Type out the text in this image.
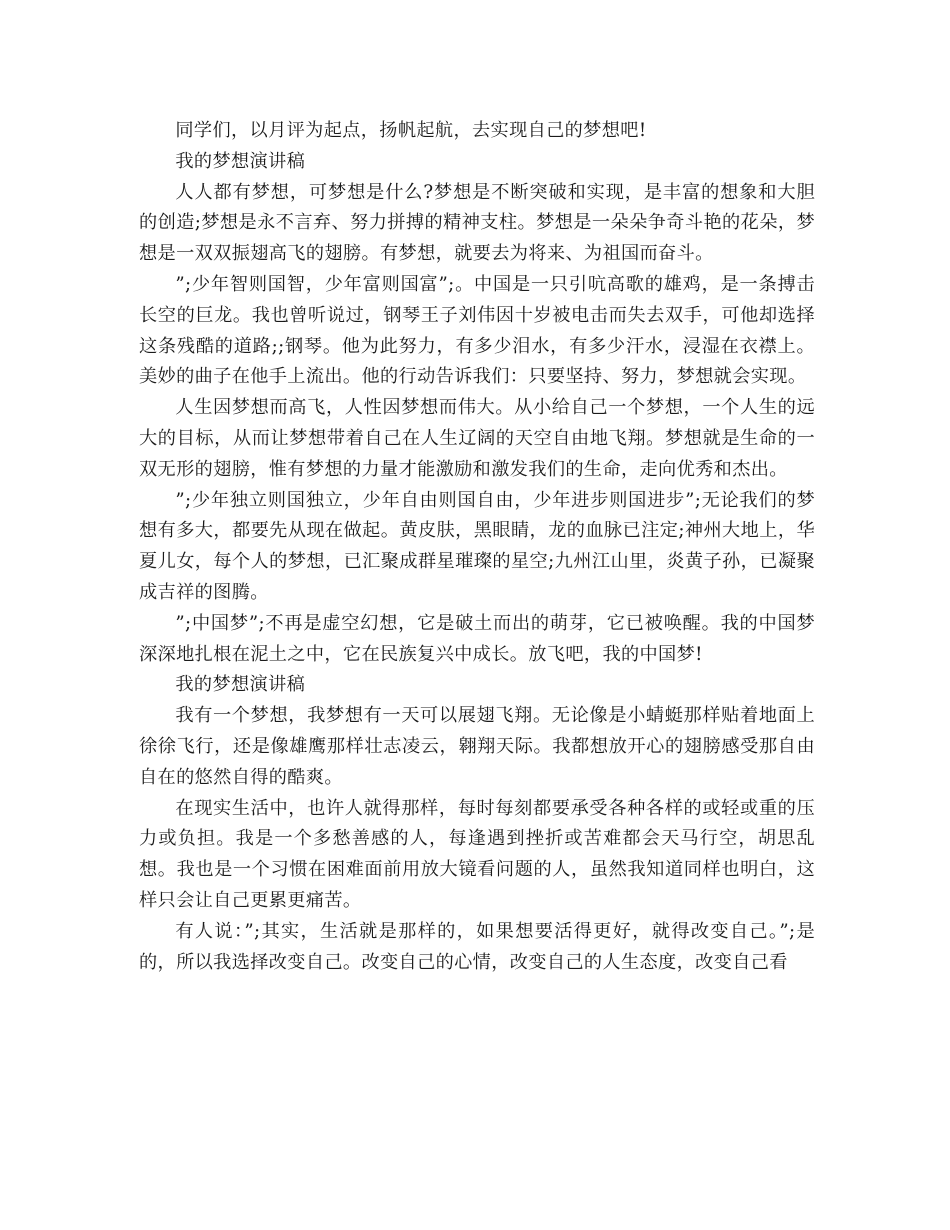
同学们，以月评为起点，扬帆起航，去实现自己的梦想吧!

我的梦想演讲稿

人人都有梦想，可梦想是什么?梦想是不断突破和实现，是丰富的想象和大胆的创造;梦想是永不言弃、努力拼搏的精神支柱。梦想是一朵朵争奇斗艳的花朵，梦想是一双双振翅高飞的翅膀。有梦想，就要去为将来、为祖国而奋斗。

”;少年智则国智，少年富则国富”;。中国是一只引吭高歌的雄鸡，是一条搏击长空的巨龙。我也曾听说过，钢琴王子刘伟因十岁被电击而失去双手，可他却选择这条残酷的道路;;钢琴。他为此努力，有多少泪水，有多少汗水，浸湿在衣襟上。美妙的曲子在他手上流出。他的行动告诉我们：只要坚持、努力，梦想就会实现。

人生因梦想而高飞，人性因梦想而伟大。从小给自己一个梦想，一个人生的远大的目标，从而让梦想带着自己在人生辽阔的天空自由地飞翔。梦想就是生命的一双无形的翅膀，惟有梦想的力量才能激励和激发我们的生命，走向优秀和杰出。

”;少年独立则国独立，少年自由则国自由，少年进步则国进步”;无论我们的梦想有多大，都要先从现在做起。黄皮肤，黑眼睛，龙的血脉已注定;神州大地上，华夏儿女，每个人的梦想，已汇聚成群星璀璨的星空;九州江山里，炎黄子孙，已凝聚成吉祥的图腾。

”;中国梦”;不再是虚空幻想，它是破土而出的萌芽，它已被唤醒。我的中国梦深深地扎根在泥土之中，它在民族复兴中成长。放飞吧，我的中国梦!

我的梦想演讲稿

我有一个梦想，我梦想有一天可以展翅飞翔。无论像是小蜻蜓那样贴着地面上徐徐飞行，还是像雄鹰那样壮志凌云，翱翔天际。我都想放开心的翅膀感受那自由自在的悠然自得的酷爽。

在现实生活中，也许人就得那样，每时每刻都要承受各种各样的或轻或重的压力或负担。我是一个多愁善感的人，每逢遇到挫折或苦难都会天马行空，胡思乱想。我也是一个习惯在困难面前用放大镜看问题的人，虽然我知道同样也明白，这样只会让自己更累更痛苦。

有人说：”;其实，生活就是那样的，如果想要活得更好，就得改变自己。”;是的，所以我选择改变自己。改变自己的心情，改变自己的人生态度，改变自己看
